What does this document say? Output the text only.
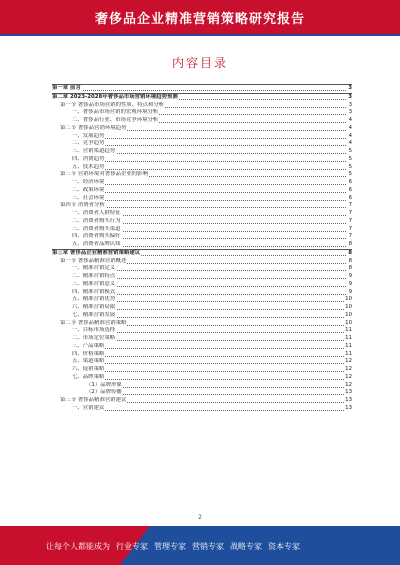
奢侈品企业精准营销策略研究报告
内容目录
第一章 前言	3
第二章 2023-2028年奢侈品市场营销环境趋势预测	3
第一节 奢侈品市场营销的性质、特点和分析	3
一、奢侈品市场营销的宏观环境分析	3
二、奢侈品行业、市场竞争环境分析	4
第二节 奢侈品营销环境趋势	4
一、发展趋势	4
二、竞争趋势	4
三、营销渠道趋势	5
四、消费趋势	5
五、技术趋势	5
第三节 营销环境对奢侈品企业的影响	5
一、经济环境	6
二、政策环境	6
三、社会环境	6
第四节 消费者分析	7
一、消费者人群特征	7
二、消费者购买行为	7
三、消费者购买渠道	7
四、消费者购买偏好	7
五、消费者品牌认知	8
第三章 奢侈品企业精准营销策略建议	8
第一节 奢侈品精准营销概述	8
一、精准营销定义	8
二、精准营销特点	9
三、精准营销意义	9
四、精准营销模式	9
五、精准营销优势	10
六、精准营销局限	10
七、精准营销发展	10
第二节 奢侈品精准营销策略	10
一、目标市场选择	11
二、市场定位策略	11
三、产品策略	11
四、价格策略	11
五、渠道策略	12
六、促销策略	12
七、品牌策略	12
（1）品牌形象	12
（2）品牌传播	13
第三节 奢侈品精准营销建议	13
一、营销建议	13
2
让每个人都能成为 行业专家 管理专家 营销专家 战略专家 资本专家
